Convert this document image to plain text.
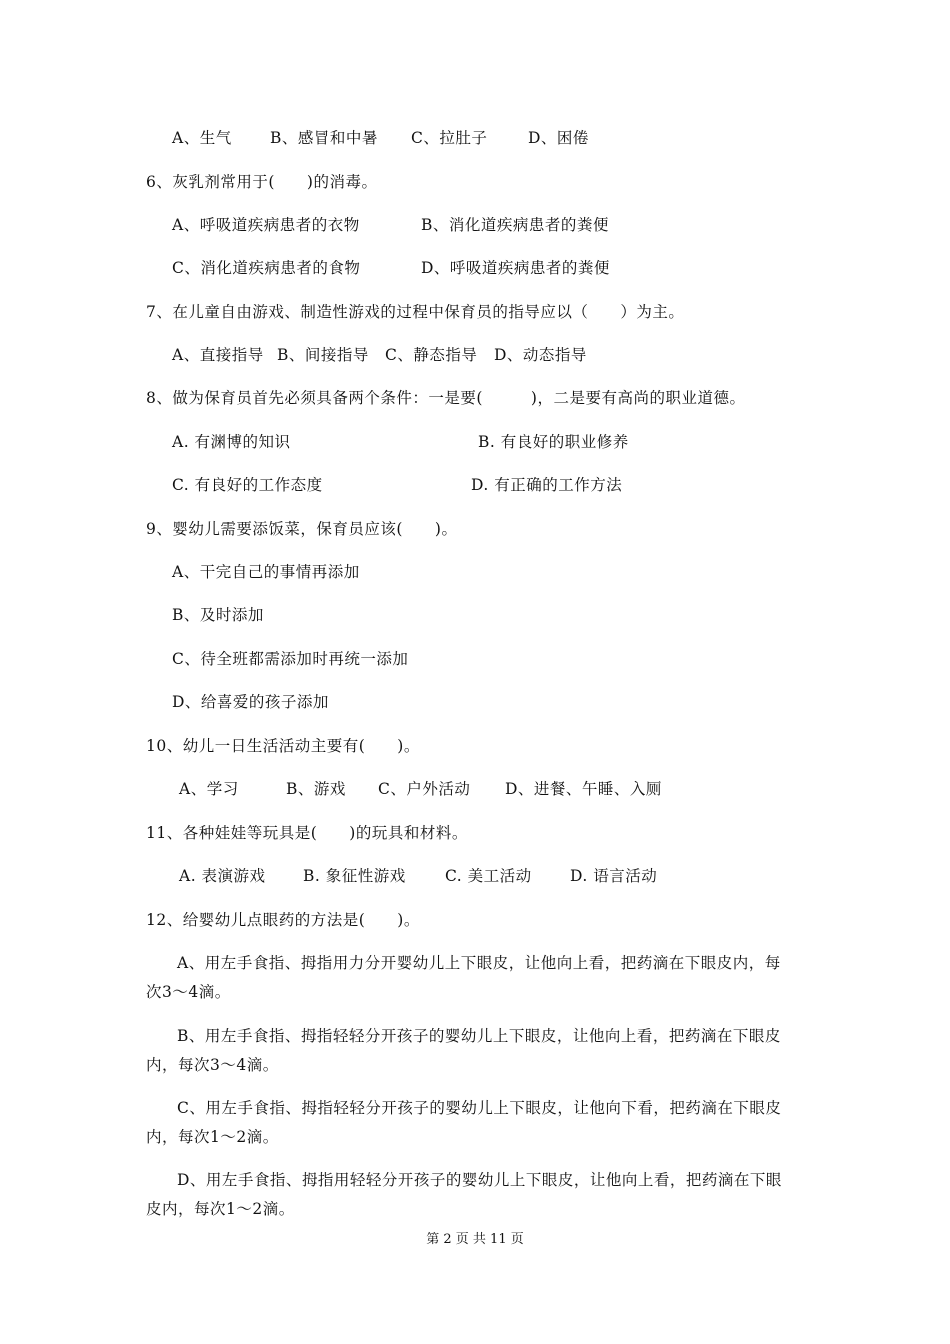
A、生气 B、感冒和中暑 C、拉肚子	D、困倦
6、灰乳剂常用于(　　)的消毒。
A、呼吸道疾病患者的衣物	B、消化道疾病患者的粪便
C、消化道疾病患者的食物	D、呼吸道疾病患者的粪便
7、在儿童自由游戏、制造性游戏的过程中保育员的指导应以（　　）为主。
A、直接指导 B、间接指导 C、静态指导 D、动态指导
8、做为保育员首先必须具备两个条件：一是要(　　　)，二是要有高尚的职业道德。
A. 有渊博的知识	B. 有良好的职业修养
C. 有良好的工作态度	D. 有正确的工作方法
9、婴幼儿需要添饭菜，保育员应该(　　)。
A、干完自己的事情再添加
B、及时添加
C、待全班都需添加时再统一添加
D、给喜爱的孩子添加
10、幼儿一日生活活动主要有(　　)。
A、学习	B、游戏 C、户外活动 D、进餐、午睡、入厕
11、各种娃娃等玩具是(　　)的玩具和材料。
A. 表演游戏 B. 象征性游戏	C. 美工活动 D. 语言活动
12、给婴幼儿点眼药的方法是(　　)。
A、用左手食指、拇指用力分开婴幼儿上下眼皮，让他向上看，把药滴在下眼皮内，每
次3～4滴。
B、用左手食指、拇指轻轻分开孩子的婴幼儿上下眼皮，让他向上看，把药滴在下眼皮
内，每次3～4滴。
C、用左手食指、拇指轻轻分开孩子的婴幼儿上下眼皮，让他向下看，把药滴在下眼皮
内，每次1～2滴。
D、用左手食指、拇指用轻轻分开孩子的婴幼儿上下眼皮，让他向上看，把药滴在下眼
皮内，每次1～2滴。
第 2 页 共 11 页
